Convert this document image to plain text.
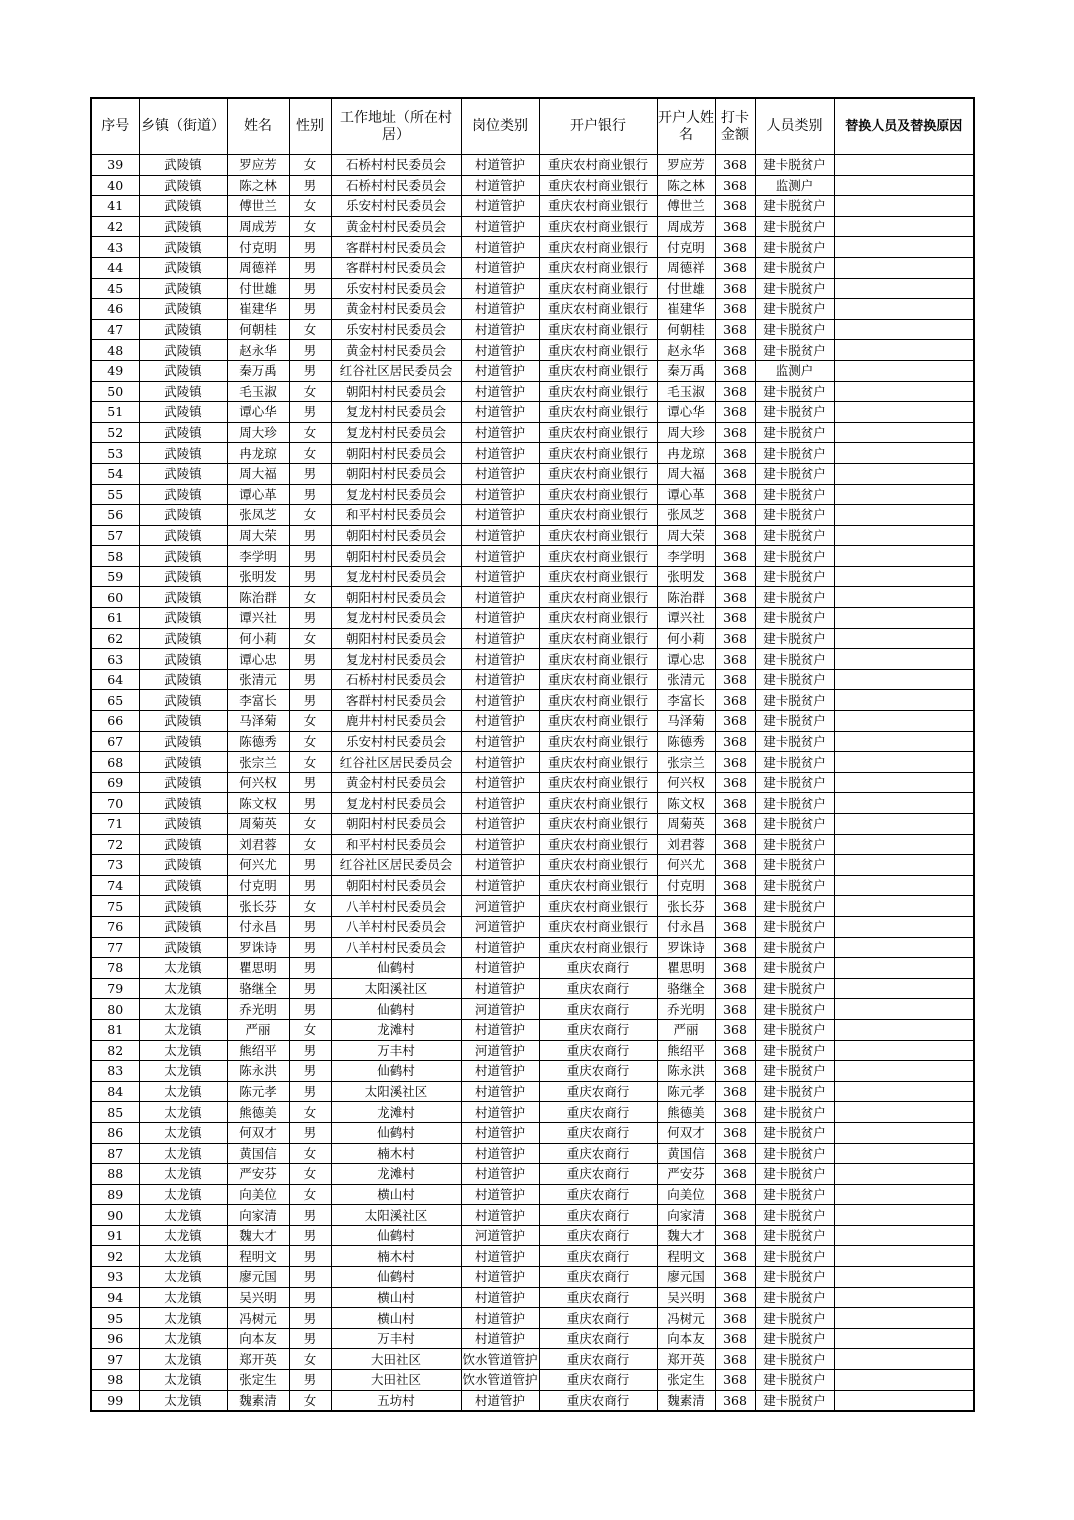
序号	乡镇（街道）	姓名	性别	工作地址（所在村居）	岗位类别	开户银行	开户人姓名	打卡金额	人员类别	替换人员及替换原因
39	武陵镇	罗应芳	女	石桥村村民委员会	村道管护	重庆农村商业银行	罗应芳	368	建卡脱贫户	
40	武陵镇	陈之林	男	石桥村村民委员会	村道管护	重庆农村商业银行	陈之林	368	监测户	
41	武陵镇	傅世兰	女	乐安村村民委员会	村道管护	重庆农村商业银行	傅世兰	368	建卡脱贫户	
42	武陵镇	周成芳	女	黄金村村民委员会	村道管护	重庆农村商业银行	周成芳	368	建卡脱贫户	
43	武陵镇	付克明	男	客群村村民委员会	村道管护	重庆农村商业银行	付克明	368	建卡脱贫户	
44	武陵镇	周德祥	男	客群村村民委员会	村道管护	重庆农村商业银行	周德祥	368	建卡脱贫户	
45	武陵镇	付世雄	男	乐安村村民委员会	村道管护	重庆农村商业银行	付世雄	368	建卡脱贫户	
46	武陵镇	崔建华	男	黄金村村民委员会	村道管护	重庆农村商业银行	崔建华	368	建卡脱贫户	
47	武陵镇	何朝桂	女	乐安村村民委员会	村道管护	重庆农村商业银行	何朝桂	368	建卡脱贫户	
48	武陵镇	赵永华	男	黄金村村民委员会	村道管护	重庆农村商业银行	赵永华	368	建卡脱贫户	
49	武陵镇	秦万禹	男	红谷社区居民委员会	村道管护	重庆农村商业银行	秦万禹	368	监测户	
50	武陵镇	毛玉淑	女	朝阳村村民委员会	村道管护	重庆农村商业银行	毛玉淑	368	建卡脱贫户	
51	武陵镇	谭心华	男	复龙村村民委员会	村道管护	重庆农村商业银行	谭心华	368	建卡脱贫户	
52	武陵镇	周大珍	女	复龙村村民委员会	村道管护	重庆农村商业银行	周大珍	368	建卡脱贫户	
53	武陵镇	冉龙琼	女	朝阳村村民委员会	村道管护	重庆农村商业银行	冉龙琼	368	建卡脱贫户	
54	武陵镇	周大福	男	朝阳村村民委员会	村道管护	重庆农村商业银行	周大福	368	建卡脱贫户	
55	武陵镇	谭心革	男	复龙村村民委员会	村道管护	重庆农村商业银行	谭心革	368	建卡脱贫户	
56	武陵镇	张凤芝	女	和平村村民委员会	村道管护	重庆农村商业银行	张凤芝	368	建卡脱贫户	
57	武陵镇	周大荣	男	朝阳村村民委员会	村道管护	重庆农村商业银行	周大荣	368	建卡脱贫户	
58	武陵镇	李学明	男	朝阳村村民委员会	村道管护	重庆农村商业银行	李学明	368	建卡脱贫户	
59	武陵镇	张明发	男	复龙村村民委员会	村道管护	重庆农村商业银行	张明发	368	建卡脱贫户	
60	武陵镇	陈治群	女	朝阳村村民委员会	村道管护	重庆农村商业银行	陈治群	368	建卡脱贫户	
61	武陵镇	谭兴社	男	复龙村村民委员会	村道管护	重庆农村商业银行	谭兴社	368	建卡脱贫户	
62	武陵镇	何小莉	女	朝阳村村民委员会	村道管护	重庆农村商业银行	何小莉	368	建卡脱贫户	
63	武陵镇	谭心忠	男	复龙村村民委员会	村道管护	重庆农村商业银行	谭心忠	368	建卡脱贫户	
64	武陵镇	张清元	男	石桥村村民委员会	村道管护	重庆农村商业银行	张清元	368	建卡脱贫户	
65	武陵镇	李富长	男	客群村村民委员会	村道管护	重庆农村商业银行	李富长	368	建卡脱贫户	
66	武陵镇	马泽菊	女	鹿井村村民委员会	村道管护	重庆农村商业银行	马泽菊	368	建卡脱贫户	
67	武陵镇	陈德秀	女	乐安村村民委员会	村道管护	重庆农村商业银行	陈德秀	368	建卡脱贫户	
68	武陵镇	张宗兰	女	红谷社区居民委员会	村道管护	重庆农村商业银行	张宗兰	368	建卡脱贫户	
69	武陵镇	何兴权	男	黄金村村民委员会	村道管护	重庆农村商业银行	何兴权	368	建卡脱贫户	
70	武陵镇	陈文权	男	复龙村村民委员会	村道管护	重庆农村商业银行	陈文权	368	建卡脱贫户	
71	武陵镇	周菊英	女	朝阳村村民委员会	村道管护	重庆农村商业银行	周菊英	368	建卡脱贫户	
72	武陵镇	刘君蓉	女	和平村村民委员会	村道管护	重庆农村商业银行	刘君蓉	368	建卡脱贫户	
73	武陵镇	何兴尤	男	红谷社区居民委员会	村道管护	重庆农村商业银行	何兴尤	368	建卡脱贫户	
74	武陵镇	付克明	男	朝阳村村民委员会	村道管护	重庆农村商业银行	付克明	368	建卡脱贫户	
75	武陵镇	张长芬	女	八羊村村民委员会	河道管护	重庆农村商业银行	张长芬	368	建卡脱贫户	
76	武陵镇	付永昌	男	八羊村村民委员会	河道管护	重庆农村商业银行	付永昌	368	建卡脱贫户	
77	武陵镇	罗诛诗	男	八羊村村民委员会	村道管护	重庆农村商业银行	罗诛诗	368	建卡脱贫户	
78	太龙镇	瞿思明	男	仙鹤村	村道管护	重庆农商行	瞿思明	368	建卡脱贫户	
79	太龙镇	骆继全	男	太阳溪社区	村道管护	重庆农商行	骆继全	368	建卡脱贫户	
80	太龙镇	乔光明	男	仙鹤村	河道管护	重庆农商行	乔光明	368	建卡脱贫户	
81	太龙镇	严丽	女	龙滩村	村道管护	重庆农商行	严丽	368	建卡脱贫户	
82	太龙镇	熊绍平	男	万丰村	河道管护	重庆农商行	熊绍平	368	建卡脱贫户	
83	太龙镇	陈永洪	男	仙鹤村	村道管护	重庆农商行	陈永洪	368	建卡脱贫户	
84	太龙镇	陈元孝	男	太阳溪社区	村道管护	重庆农商行	陈元孝	368	建卡脱贫户	
85	太龙镇	熊德美	女	龙滩村	村道管护	重庆农商行	熊德美	368	建卡脱贫户	
86	太龙镇	何双才	男	仙鹤村	村道管护	重庆农商行	何双才	368	建卡脱贫户	
87	太龙镇	黄国信	女	楠木村	村道管护	重庆农商行	黄国信	368	建卡脱贫户	
88	太龙镇	严安芬	女	龙滩村	村道管护	重庆农商行	严安芬	368	建卡脱贫户	
89	太龙镇	向美位	女	横山村	村道管护	重庆农商行	向美位	368	建卡脱贫户	
90	太龙镇	向家清	男	太阳溪社区	村道管护	重庆农商行	向家清	368	建卡脱贫户	
91	太龙镇	魏大才	男	仙鹤村	河道管护	重庆农商行	魏大才	368	建卡脱贫户	
92	太龙镇	程明文	男	楠木村	村道管护	重庆农商行	程明文	368	建卡脱贫户	
93	太龙镇	廖元国	男	仙鹤村	村道管护	重庆农商行	廖元国	368	建卡脱贫户	
94	太龙镇	吴兴明	男	横山村	村道管护	重庆农商行	吴兴明	368	建卡脱贫户	
95	太龙镇	冯树元	男	横山村	村道管护	重庆农商行	冯树元	368	建卡脱贫户	
96	太龙镇	向本友	男	万丰村	村道管护	重庆农商行	向本友	368	建卡脱贫户	
97	太龙镇	郑开英	女	大田社区	饮水管道管护	重庆农商行	郑开英	368	建卡脱贫户	
98	太龙镇	张定生	男	大田社区	饮水管道管护	重庆农商行	张定生	368	建卡脱贫户	
99	太龙镇	魏素清	女	五坊村	村道管护	重庆农商行	魏素清	368	建卡脱贫户	
